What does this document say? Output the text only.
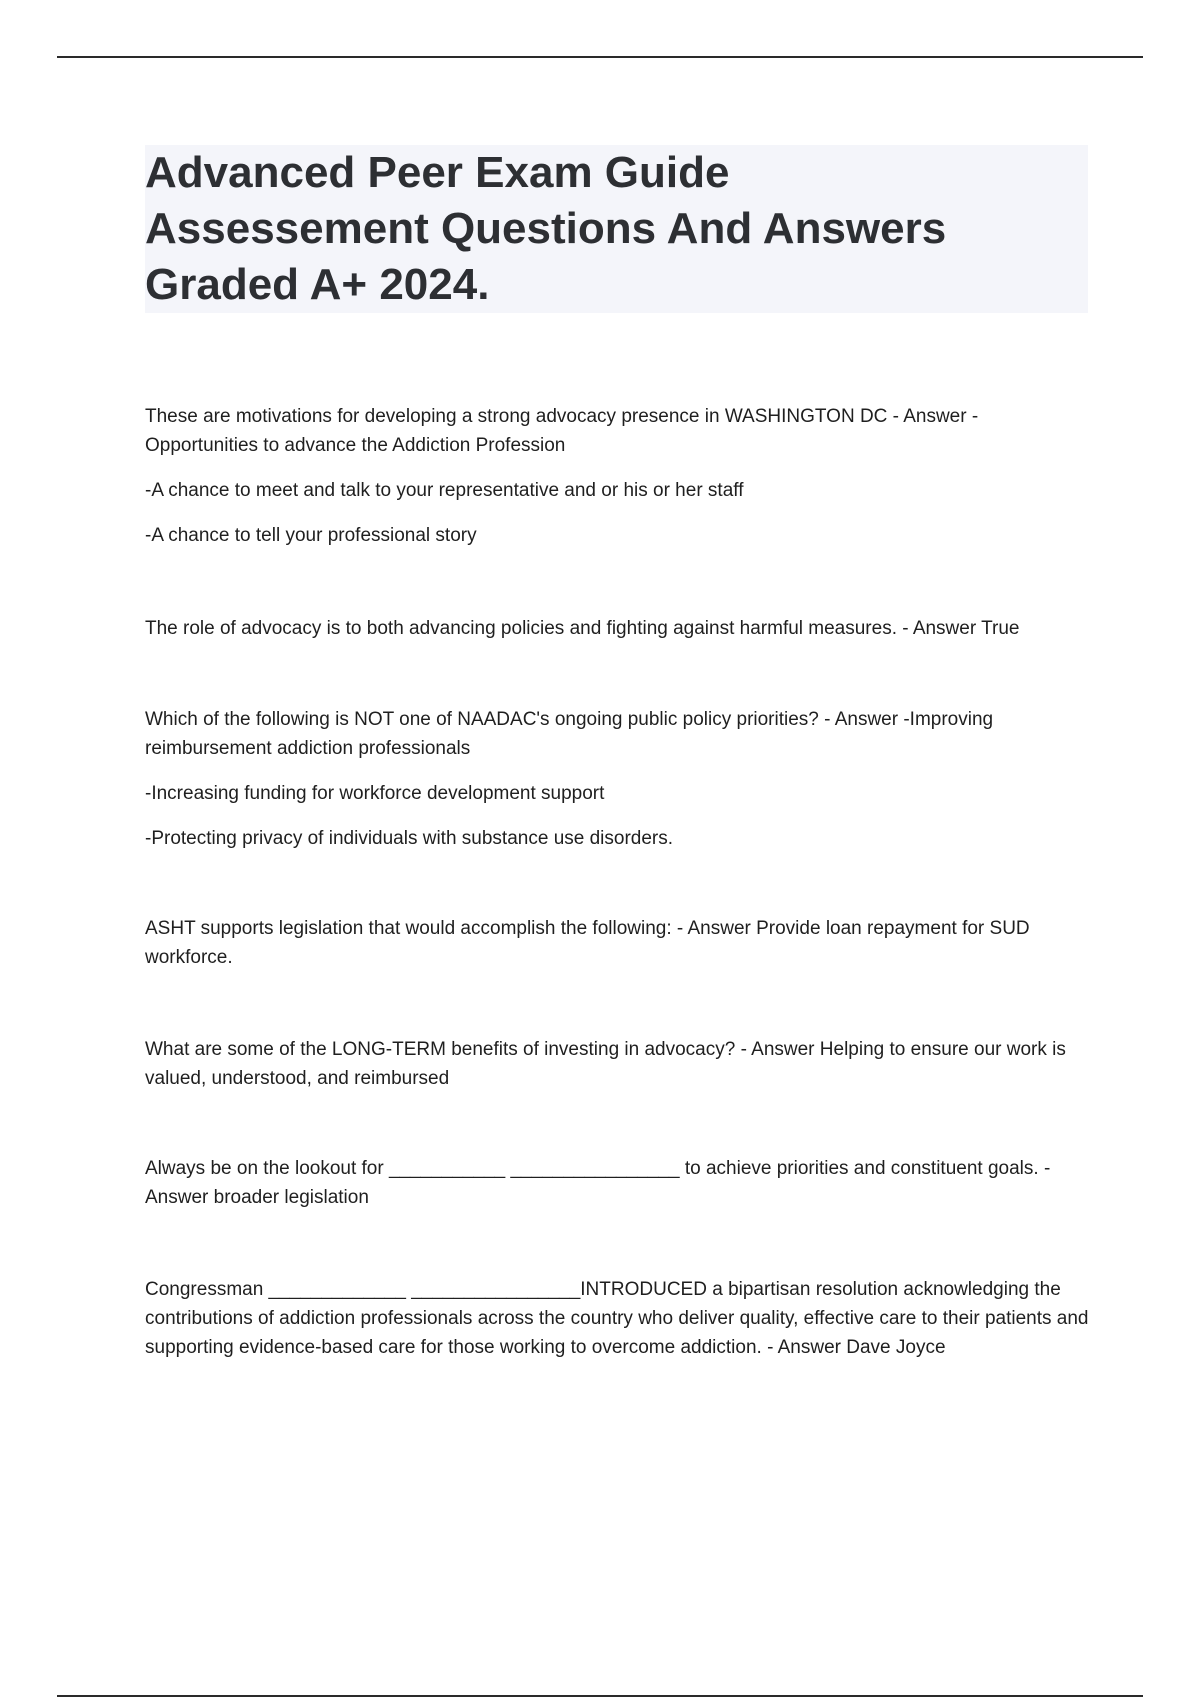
Advanced Peer Exam Guide
Assessement Questions And Answers
Graded A+ 2024.

These are motivations for developing a strong advocacy presence in WASHINGTON DC - Answer -Opportunities to advance the Addiction Profession

-A chance to meet and talk to your representative and or his or her staff

-A chance to tell your professional story

The role of advocacy is to both advancing policies and fighting against harmful measures. - Answer True

Which of the following is NOT one of NAADAC's ongoing public policy priorities? - Answer -Improving reimbursement addiction professionals

-Increasing funding for workforce development support

-Protecting privacy of individuals with substance use disorders.

ASHT supports legislation that would accomplish the following: - Answer Provide loan repayment for SUD workforce.

What are some of the LONG-TERM benefits of investing in advocacy? - Answer Helping to ensure our work is valued, understood, and reimbursed

Always be on the lookout for ___________ ________________ to achieve priorities and constituent goals. - Answer broader legislation

Congressman _____________ ________________INTRODUCED a bipartisan resolution acknowledging the contributions of addiction professionals across the country who deliver quality, effective care to their patients and supporting evidence-based care for those working to overcome addiction. - Answer Dave Joyce
